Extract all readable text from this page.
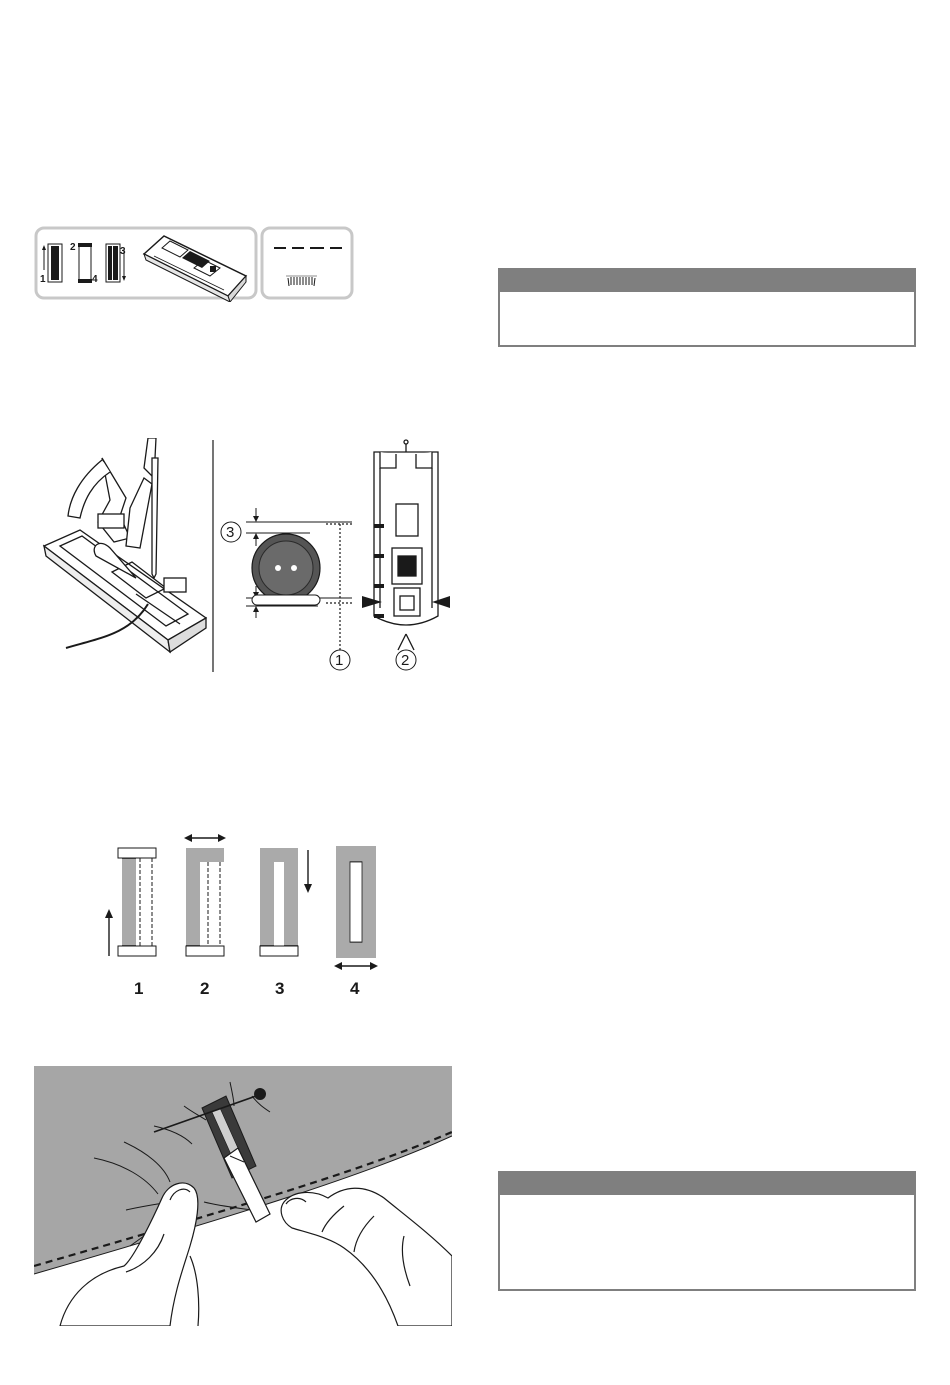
1
2
4
3
3
1	2
1	2	3	4
